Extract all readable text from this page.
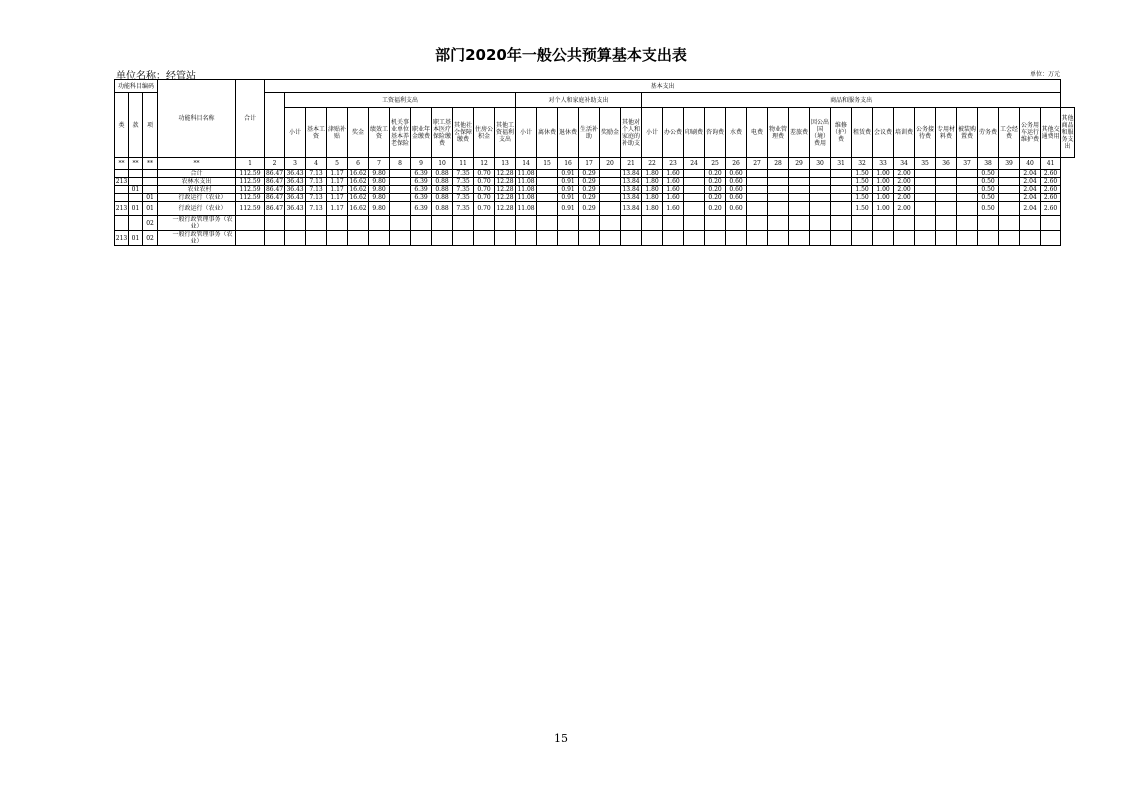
部门2020年一般公共预算基本支出表
单位名称：经管站	单位：万元
功能科目编码			功能科目名称	合计	基本支出																																						
类	款	项				工资福利支出											对个人和家庭补助支出						商品和服务支出																				
						小计	基本工资	津贴补贴	奖金	绩效工资	机关事业单位基本养老保险	职业年金缴费	职工基本医疗保险缴费	其他社会保障缴费	住房公积金	其他工资福利支出	小计	离休费	退休费	生活补助	奖励金	其他对个人和家庭的补助支	小计	办公费	印刷费	咨询费	水费	电费	物业管理费	差旅费	因公出国（境）费用	维修（护）费	租赁费	会议费	培训费	公务接待费	专用材料费	被装购置费	劳务费	工会经费	公务用车运行维护费	其他交通费用	其他商品和服务支出

**	**	**	**	1	2	3	4	5	6	7	8	9	10	11	12	13	14	15	16	17	20	21	22	23	24	25	26	27	28	29	30	31	32	33	34	35	36	37	38	39	40	41	
			合计	112.59	86.47	36.43	7.13	1.17	16.62	9.80		6.39	0.88	7.35	0.70	12.28	11.08		0.91	0.29		13.84	1.80	1.60		0.20	0.60						1.50	1.00	2.00				0.50		2.04	2.60	
213			农林水支出	112.59	86.47	36.43	7.13	1.17	16.62	9.80		6.39	0.88	7.35	0.70	12.28	11.08		0.91	0.29		13.84	1.80	1.60		0.20	0.60						1.50	1.00	2.00				0.50		2.04	2.60	
	01		　农业农村	112.59	86.47	36.43	7.13	1.17	16.62	9.80		6.39	0.88	7.35	0.70	12.28	11.08		0.91	0.29		13.84	1.80	1.60		0.20	0.60						1.50	1.00	2.00				0.50		2.04	2.60	
		01	　　行政运行（农业）	112.59	86.47	36.43	7.13	1.17	16.62	9.80		6.39	0.88	7.35	0.70	12.28	11.08		0.91	0.29		13.84	1.80	1.60		0.20	0.60						1.50	1.00	2.00				0.50		2.04	2.60	
213	01	01	　　行政运行（农业）	112.59	86.47	36.43	7.13	1.17	16.62	9.80		6.39	0.88	7.35	0.70	12.28	11.08		0.91	0.29		13.84	1.80	1.60		0.20	0.60						1.50	1.00	2.00				0.50		2.04	2.60	
		02	　　一般行政管理事务（农业）																																								
213	01	02	　　一般行政管理事务（农业）																																								
15
